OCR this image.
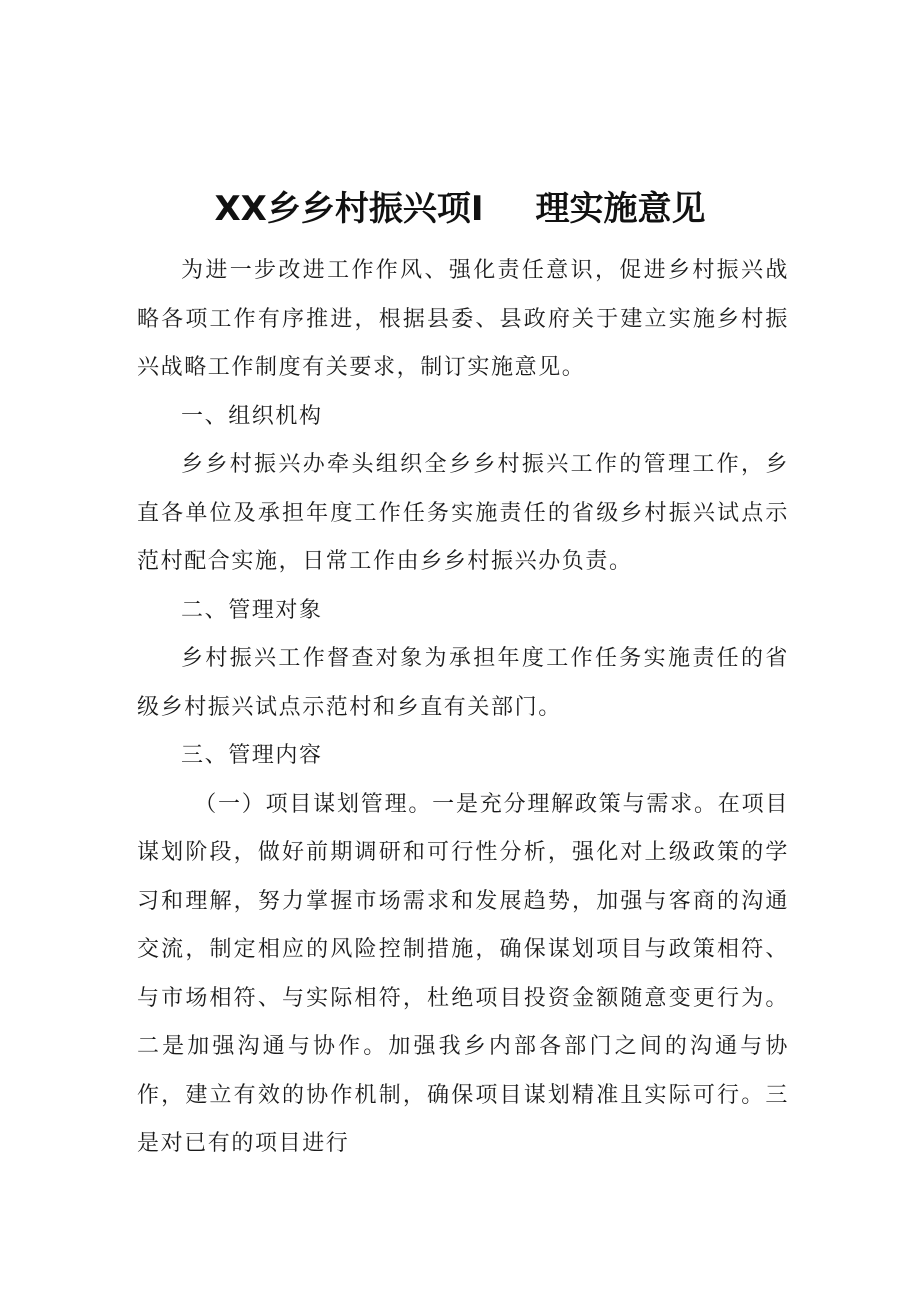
XX乡乡村振兴项Ⅰ 理实施意见

为进一步改进工作作风、强化责任意识，促进乡村振兴战略各项工作有序推进，根据县委、县政府关于建立实施乡村振兴战略工作制度有关要求，制订实施意见。

一、组织机构

乡乡村振兴办牵头组织全乡乡村振兴工作的管理工作，乡直各单位及承担年度工作任务实施责任的省级乡村振兴试点示范村配合实施，日常工作由乡乡村振兴办负责。

二、管理对象

乡村振兴工作督查对象为承担年度工作任务实施责任的省级乡村振兴试点示范村和乡直有关部门。

三、管理内容

（一）项目谋划管理。一是充分理解政策与需求。在项目谋划阶段，做好前期调研和可行性分析，强化对上级政策的学习和理解，努力掌握市场需求和发展趋势，加强与客商的沟通交流，制定相应的风险控制措施，确保谋划项目与政策相符、与市场相符、与实际相符，杜绝项目投资金额随意变更行为。二是加强沟通与协作。加强我乡内部各部门之间的沟通与协作，建立有效的协作机制，确保项目谋划精准且实际可行。三是对已有的项目进行
